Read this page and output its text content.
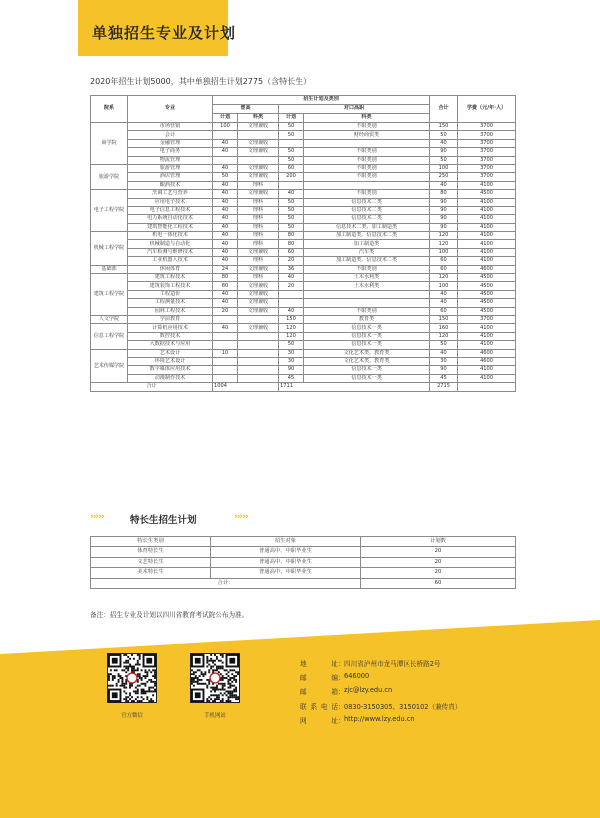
单独招生专业及计划
2020年招生计划5000，其中单独招生计划2775（含特长生）
院系	专业	招生计划及类别				合计	学费（元/年·人）
		普高		对口高职			
		计划	科类	计划	科类		
商学院	市场营销	100	文理兼收	50	不限类别	150	3700
	会计			50	财经商贸类	50	3700
	金融管理	40	文理兼收			40	3700
	电子商务	40	文理兼收	50	不限类别	90	3700
	物流管理			50	不限类别	50	3700
旅游学院	旅游管理	40	文理兼收	60	不限类别	100	3700
	酒店管理	50	文理兼收	200	不限类别	250	3700
	酿酒技术	40	理科			40	4100
电子工程学院	烹调工艺与营养	40	文理兼收	40	不限类别	80	4500
	应用电子技术	40	理科	50	信息技术二类	90	4100
	电子信息工程技术	40	理科	50	信息技术二类	90	4100
	电力系统自动化技术	40	理科	50	信息技术二类	90	4100
	建筑智能化工程技术	40	理科	50	信息技术二类、加工制造类	90	4100
机械工程学院	机电一体化技术	40	理科	80	加工制造类、信息技术二类	120	4100
	机械制造与自动化	40	理科	80	加工制造类	120	4100
	汽车检测与维修技术	40	文理兼收	60	汽车类	100	4100
	工业机器人技术	40	理科	20	加工制造类、信息技术二类	60	4100
基础部	休闲体育	24	文理兼收	36	不限类别	60	4600
建筑工程学院	建筑工程技术	80	理科	40	土木水利类	120	4500
	建筑装饰工程技术	80	文理兼收	20	土木水利类	100	4500
	工程造价	40	文理兼收			40	4500
	工程测量技术	40	文理兼收			40	4500
	园林工程技术	20	文理兼收	40	不限类别	60	4500
人文学院	学前教育			150	教育类	150	3700
信息工程学院	计算机应用技术	40	文理兼收	120	信息技术一类	160	4100
	数控技术			120	信息技术一类	120	4100
	大数据技术与应用			50	信息技术一类	50	4100
艺术传媒学院	艺术设计	10		30	文化艺术类、教育类	40	4600
	环境艺术设计			30	文化艺术类、教育类	30	4600
	数字媒体应用技术			90	信息技术一类	90	4100
	动漫制作技术			45	信息技术一类	45	4100
合计		1004		1711		2715	
›››››	特长生招生计划	›››››
特长生类别	招生对象	计划数
体育特长生	普通高中、中职毕业生	20
文艺特长生	普通高中、中职毕业生	20
美术特长生	普通高中、中职毕业生	20
合计：		60
备注：招生专业及计划以四川省教育考试院公布为准。
官方微信	手机网站
地址 ： 四川省泸州市龙马潭区长桥路2号
邮编 ： 646000
邮箱 ： zjc@lzy.edu.cn
联系电话 ： 0830-3150305、3150102（兼传真）
网址 ： http://www.lzy.edu.cn
